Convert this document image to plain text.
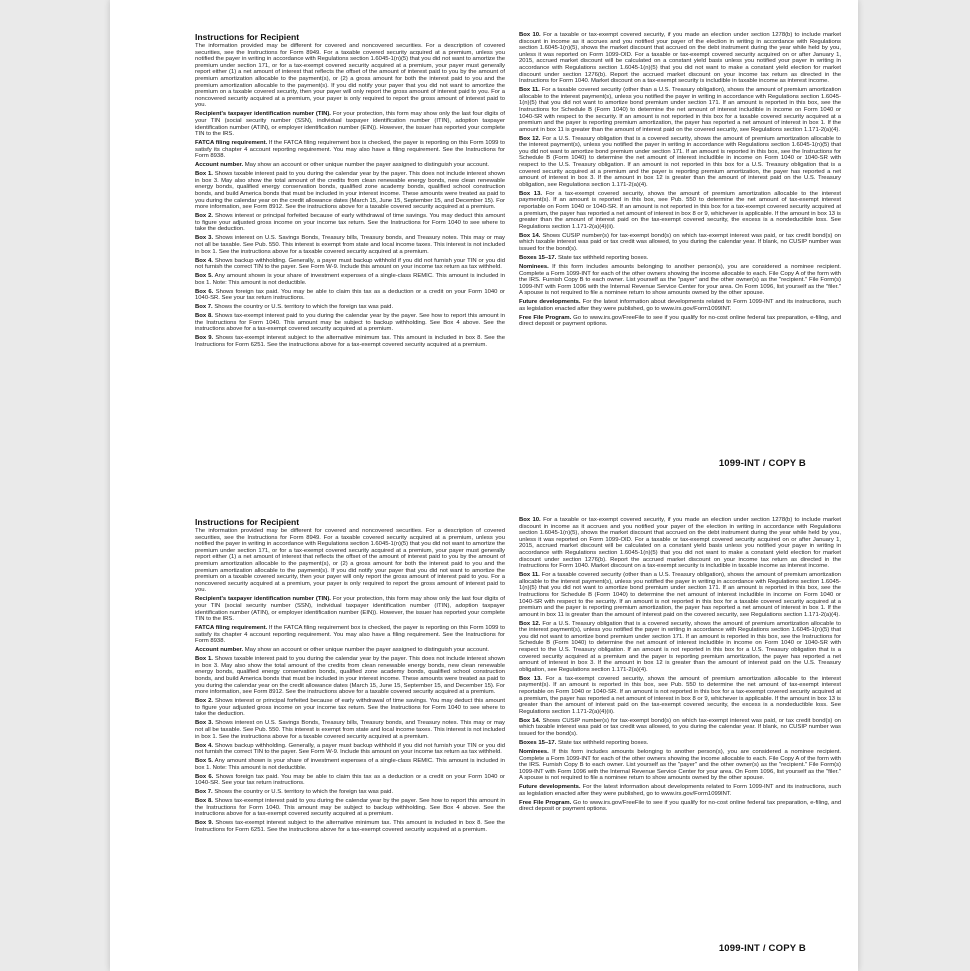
Instructions for Recipient
The information provided may be different for covered and noncovered securities. For a description of covered securities, see the Instructions for Form 8949. For a taxable covered security acquired at a premium, unless you notified the payer in writing in accordance with Regulations section 1.6045-1(n)(5) that you did not want to amortize the premium under section 171, or for a tax-exempt covered security acquired at a premium, your payer must generally report either (1) a net amount of interest that reflects the offset of the amount of interest paid to you by the amount of premium amortization allocable to the payment(s), or (2) a gross amount for both the interest paid to you and the premium amortization allocable to the payment(s). If you did notify your payer that you did not want to amortize the premium on a taxable covered security, then your payer will only report the gross amount of interest paid to you. For a noncovered security acquired at a premium, your payer is only required to report the gross amount of interest paid to you.
Recipient's taxpayer identification number (TIN). For your protection, this form may show only the last four digits of your TIN (social security number (SSN), individual taxpayer identification number (ITIN), adoption taxpayer identification number (ATIN), or employer identification number (EIN)). However, the issuer has reported your complete TIN to the IRS.
FATCA filing requirement. If the FATCA filing requirement box is checked, the payer is reporting on this Form 1099 to satisfy its chapter 4 account reporting requirement. You may also have a filing requirement. See the Instructions for Form 8938.
Account number. May show an account or other unique number the payer assigned to distinguish your account.
Box 1. Shows taxable interest paid to you during the calendar year by the payer. This does not include interest shown in box 3. May also show the total amount of the credits from clean renewable energy bonds, new clean renewable energy bonds, qualified energy conservation bonds, qualified zone academy bonds, qualified school construction bonds, and build America bonds that must be included in your interest income. These amounts were treated as paid to you during the calendar year on the credit allowance dates (March 15, June 15, September 15, and December 15). For more information, see Form 8912. See the instructions above for a taxable covered security acquired at a premium.
Box 2. Shows interest or principal forfeited because of early withdrawal of time savings. You may deduct this amount to figure your adjusted gross income on your income tax return. See the Instructions for Form 1040 to see where to take the deduction.
Box 3. Shows interest on U.S. Savings Bonds, Treasury bills, Treasury bonds, and Treasury notes. This may or may not all be taxable. See Pub. 550. This interest is exempt from state and local income taxes. This interest is not included in box 1. See the instructions above for a taxable covered security acquired at a premium.
Box 4. Shows backup withholding. Generally, a payer must backup withhold if you did not furnish your TIN or you did not furnish the correct TIN to the payer. See Form W-9. Include this amount on your income tax return as tax withheld.
Box 5. Any amount shown is your share of investment expenses of a single-class REMIC. This amount is included in box 1. Note: This amount is not deductible.
Box 6. Shows foreign tax paid. You may be able to claim this tax as a deduction or a credit on your Form 1040 or 1040-SR. See your tax return instructions.
Box 7. Shows the country or U.S. territory to which the foreign tax was paid.
Box 8. Shows tax-exempt interest paid to you during the calendar year by the payer. See how to report this amount in the Instructions for Form 1040. This amount may be subject to backup withholding. See Box 4 above. See the instructions above for a tax-exempt covered security acquired at a premium.
Box 9. Shows tax-exempt interest subject to the alternative minimum tax. This amount is included in box 8. See the Instructions for Form 6251. See the instructions above for a tax-exempt covered security acquired at a premium.
Box 10. For a taxable or tax-exempt covered security, if you made an election under section 1278(b) to include market discount in income as it accrues and you notified your payer of the election in writing in accordance with Regulations section 1.6045-1(n)(5), shows the market discount that accrued on the debt instrument during the year while held by you, unless it was reported on Form 1099-OID. For a taxable or tax-exempt covered security acquired on or after January 1, 2015, accrued market discount will be calculated on a constant yield basis unless you notified your payer in writing in accordance with Regulations section 1.6045-1(n)(5) that you did not want to make a constant yield election for market discount under section 1276(b). Report the accrued market discount on your income tax return as directed in the Instructions for Form 1040. Market discount on a tax-exempt security is includible in taxable income as interest income.
Box 11. For a taxable covered security (other than a U.S. Treasury obligation), shows the amount of premium amortization allocable to the interest payment(s), unless you notified the payer in writing in accordance with Regulations section 1.6045-1(n)(5) that you did not want to amortize bond premium under section 171. If an amount is reported in this box, see the Instructions for Schedule B (Form 1040) to determine the net amount of interest includible in income on Form 1040 or 1040-SR with respect to the security. If an amount is not reported in this box for a taxable covered security acquired at a premium and the payer is reporting premium amortization, the payer has reported a net amount of interest in box 1. If the amount in box 11 is greater than the amount of interest paid on the covered security, see Regulations section 1.171-2(a)(4).
Box 12. For a U.S. Treasury obligation that is a covered security, shows the amount of premium amortization allocable to the interest payment(s), unless you notified the payer in writing in accordance with Regulations section 1.6045-1(n)(5) that you did not want to amortize bond premium under section 171. If an amount is reported in this box, see the Instructions for Schedule B (Form 1040) to determine the net amount of interest includible in income on Form 1040 or 1040-SR with respect to the U.S. Treasury obligation. If an amount is not reported in this box for a U.S. Treasury obligation that is a covered security acquired at a premium and the payer is reporting premium amortization, the payer has reported a net amount of interest in box 3. If the amount in box 12 is greater than the amount of interest paid on the U.S. Treasury obligation, see Regulations section 1.171-2(a)(4).
Box 13. For a tax-exempt covered security, shows the amount of premium amortization allocable to the interest payment(s). If an amount is reported in this box, see Pub. 550 to determine the net amount of tax-exempt interest reportable on Form 1040 or 1040-SR. If an amount is not reported in this box for a tax-exempt covered security acquired at a premium, the payer has reported a net amount of interest in box 8 or 9, whichever is applicable. If the amount in box 13 is greater than the amount of interest paid on the tax-exempt covered security, the excess is a nondeductible loss. See Regulations section 1.171-2(a)(4)(ii).
Box 14. Shows CUSIP number(s) for tax-exempt bond(s) on which tax-exempt interest was paid, or tax credit bond(s) on which taxable interest was paid or tax credit was allowed, to you during the calendar year. If blank, no CUSIP number was issued for the bond(s).
Boxes 15–17. State tax withheld reporting boxes.
Nominees. If this form includes amounts belonging to another person(s), you are considered a nominee recipient. Complete a Form 1099-INT for each of the other owners showing the income allocable to each. File Copy A of the form with the IRS. Furnish Copy B to each owner. List yourself as the "payer" and the other owner(s) as the "recipient." File Form(s) 1099-INT with Form 1096 with the Internal Revenue Service Center for your area. On Form 1096, list yourself as the "filer." A spouse is not required to file a nominee return to show amounts owned by the other spouse.
Future developments. For the latest information about developments related to Form 1099-INT and its instructions, such as legislation enacted after they were published, go to www.irs.gov/Form1099INT.
Free File Program. Go to www.irs.gov/FreeFile to see if you qualify for no-cost online federal tax preparation, e-filing, and direct deposit or payment options.
1099-INT / COPY B
Instructions for Recipient
The information provided may be different for covered and noncovered securities. For a description of covered securities, see the Instructions for Form 8949. For a taxable covered security acquired at a premium, unless you notified the payer in writing in accordance with Regulations section 1.6045-1(n)(5) that you did not want to amortize the premium under section 171, or for a tax-exempt covered security acquired at a premium, your payer must generally report either (1) a net amount of interest that reflects the offset of the amount of interest paid to you by the amount of premium amortization allocable to the payment(s), or (2) a gross amount for both the interest paid to you and the premium amortization allocable to the payment(s). If you did notify your payer that you did not want to amortize the premium on a taxable covered security, then your payer will only report the gross amount of interest paid to you. For a noncovered security acquired at a premium, your payer is only required to report the gross amount of interest paid to you.
Recipient's taxpayer identification number (TIN). For your protection, this form may show only the last four digits of your TIN (social security number (SSN), individual taxpayer identification number (ITIN), adoption taxpayer identification number (ATIN), or employer identification number (EIN)). However, the issuer has reported your complete TIN to the IRS.
FATCA filing requirement. If the FATCA filing requirement box is checked, the payer is reporting on this Form 1099 to satisfy its chapter 4 account reporting requirement. You may also have a filing requirement. See the Instructions for Form 8938.
Account number. May show an account or other unique number the payer assigned to distinguish your account.
Box 1. Shows taxable interest paid to you during the calendar year by the payer. This does not include interest shown in box 3. May also show the total amount of the credits from clean renewable energy bonds, new clean renewable energy bonds, qualified energy conservation bonds, qualified zone academy bonds, qualified school construction bonds, and build America bonds that must be included in your interest income. These amounts were treated as paid to you during the calendar year on the credit allowance dates (March 15, June 15, September 15, and December 15). For more information, see Form 8912. See the instructions above for a taxable covered security acquired at a premium.
Box 2. Shows interest or principal forfeited because of early withdrawal of time savings. You may deduct this amount to figure your adjusted gross income on your income tax return. See the Instructions for Form 1040 to see where to take the deduction.
Box 3. Shows interest on U.S. Savings Bonds, Treasury bills, Treasury bonds, and Treasury notes. This may or may not all be taxable. See Pub. 550. This interest is exempt from state and local income taxes. This interest is not included in box 1. See the instructions above for a taxable covered security acquired at a premium.
Box 4. Shows backup withholding. Generally, a payer must backup withhold if you did not furnish your TIN or you did not furnish the correct TIN to the payer. See Form W-9. Include this amount on your income tax return as tax withheld.
Box 5. Any amount shown is your share of investment expenses of a single-class REMIC. This amount is included in box 1. Note: This amount is not deductible.
Box 6. Shows foreign tax paid. You may be able to claim this tax as a deduction or a credit on your Form 1040 or 1040-SR. See your tax return instructions.
Box 7. Shows the country or U.S. territory to which the foreign tax was paid.
Box 8. Shows tax-exempt interest paid to you during the calendar year by the payer. See how to report this amount in the Instructions for Form 1040. This amount may be subject to backup withholding. See Box 4 above. See the instructions above for a tax-exempt covered security acquired at a premium.
Box 9. Shows tax-exempt interest subject to the alternative minimum tax. This amount is included in box 8. See the Instructions for Form 6251. See the instructions above for a tax-exempt covered security acquired at a premium.
Box 10. For a taxable or tax-exempt covered security, if you made an election under section 1278(b) to include market discount in income as it accrues and you notified your payer of the election in writing in accordance with Regulations section 1.6045-1(n)(5), shows the market discount that accrued on the debt instrument during the year while held by you, unless it was reported on Form 1099-OID. For a taxable or tax-exempt covered security acquired on or after January 1, 2015, accrued market discount will be calculated on a constant yield basis unless you notified your payer in writing in accordance with Regulations section 1.6045-1(n)(5) that you did not want to make a constant yield election for market discount under section 1276(b). Report the accrued market discount on your income tax return as directed in the Instructions for Form 1040. Market discount on a tax-exempt security is includible in taxable income as interest income.
Box 11. For a taxable covered security (other than a U.S. Treasury obligation), shows the amount of premium amortization allocable to the interest payment(s), unless you notified the payer in writing in accordance with Regulations section 1.6045-1(n)(5) that you did not want to amortize bond premium under section 171. If an amount is reported in this box, see the Instructions for Schedule B (Form 1040) to determine the net amount of interest includible in income on Form 1040 or 1040-SR with respect to the security. If an amount is not reported in this box for a taxable covered security acquired at a premium and the payer is reporting premium amortization, the payer has reported a net amount of interest in box 1. If the amount in box 11 is greater than the amount of interest paid on the covered security, see Regulations section 1.171-2(a)(4).
Box 12. For a U.S. Treasury obligation that is a covered security, shows the amount of premium amortization allocable to the interest payment(s), unless you notified the payer in writing in accordance with Regulations section 1.6045-1(n)(5) that you did not want to amortize bond premium under section 171. If an amount is reported in this box, see the Instructions for Schedule B (Form 1040) to determine the net amount of interest includible in income on Form 1040 or 1040-SR with respect to the U.S. Treasury obligation. If an amount is not reported in this box for a U.S. Treasury obligation that is a covered security acquired at a premium and the payer is reporting premium amortization, the payer has reported a net amount of interest in box 3. If the amount in box 12 is greater than the amount of interest paid on the U.S. Treasury obligation, see Regulations section 1.171-2(a)(4).
Box 13. For a tax-exempt covered security, shows the amount of premium amortization allocable to the interest payment(s). If an amount is reported in this box, see Pub. 550 to determine the net amount of tax-exempt interest reportable on Form 1040 or 1040-SR. If an amount is not reported in this box for a tax-exempt covered security acquired at a premium, the payer has reported a net amount of interest in box 8 or 9, whichever is applicable. If the amount in box 13 is greater than the amount of interest paid on the tax-exempt covered security, the excess is a nondeductible loss. See Regulations section 1.171-2(a)(4)(ii).
Box 14. Shows CUSIP number(s) for tax-exempt bond(s) on which tax-exempt interest was paid, or tax credit bond(s) on which taxable interest was paid or tax credit was allowed, to you during the calendar year. If blank, no CUSIP number was issued for the bond(s).
Boxes 15–17. State tax withheld reporting boxes.
Nominees. If this form includes amounts belonging to another person(s), you are considered a nominee recipient. Complete a Form 1099-INT for each of the other owners showing the income allocable to each. File Copy A of the form with the IRS. Furnish Copy B to each owner. List yourself as the "payer" and the other owner(s) as the "recipient." File Form(s) 1099-INT with Form 1096 with the Internal Revenue Service Center for your area. On Form 1096, list yourself as the "filer." A spouse is not required to file a nominee return to show amounts owned by the other spouse.
Future developments. For the latest information about developments related to Form 1099-INT and its instructions, such as legislation enacted after they were published, go to www.irs.gov/Form1099INT.
Free File Program. Go to www.irs.gov/FreeFile to see if you qualify for no-cost online federal tax preparation, e-filing, and direct deposit or payment options.
1099-INT / COPY B
